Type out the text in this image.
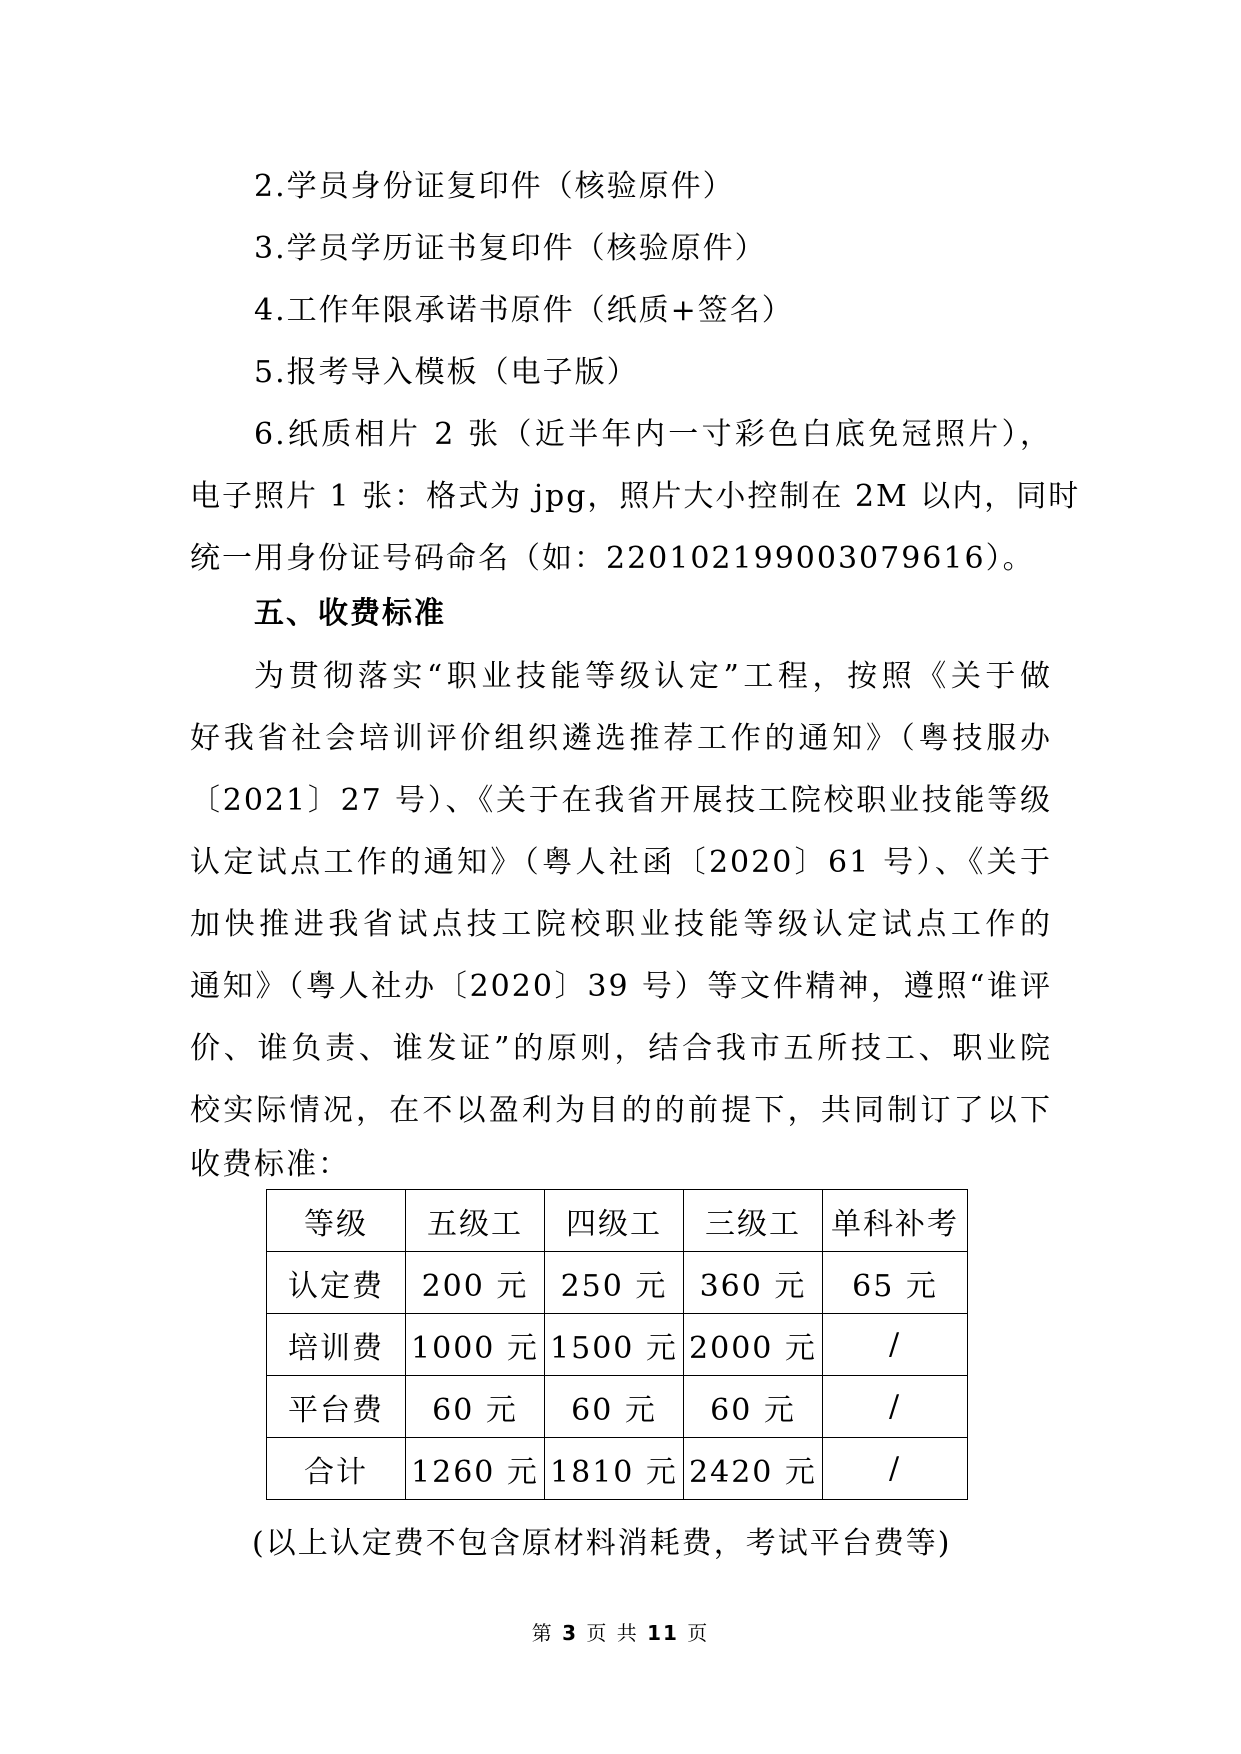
2.学员身份证复印件（核验原件）
3.学员学历证书复印件（核验原件）
4.工作年限承诺书原件（纸质+签名）
5.报考导入模板（电子版）
6.纸质相片 2 张（近半年内一寸彩色白底免冠照片），
电子照片 1 张：格式为 jpg，照片大小控制在 2M 以内，同时
统一用身份证号码命名（如：220102199003079616）。
五、收费标准
为贯彻落实“职业技能等级认定”工程，按照《关于做
好我省社会培训评价组织遴选推荐工作的通知》（粤技服办
〔2021〕27 号）、《关于在我省开展技工院校职业技能等级
认定试点工作的通知》（粤人社函〔2020〕61 号）、《关于
加快推进我省试点技工院校职业技能等级认定试点工作的
通知》（粤人社办〔2020〕39 号）等文件精神，遵照“谁评
价、谁负责、谁发证”的原则，结合我市五所技工、职业院
校实际情况，在不以盈利为目的的前提下，共同制订了以下
收费标准：
等级	五级工	四级工	三级工	单科补考
认定费	200 元	250 元	360 元	65 元
培训费	1000 元	1500 元	2000 元	/
平台费	60 元	60 元	60 元	/
合计	1260 元	1810 元	2420 元	/
(以上认定费不包含原材料消耗费，考试平台费等)
第 3 页 共 11 页
